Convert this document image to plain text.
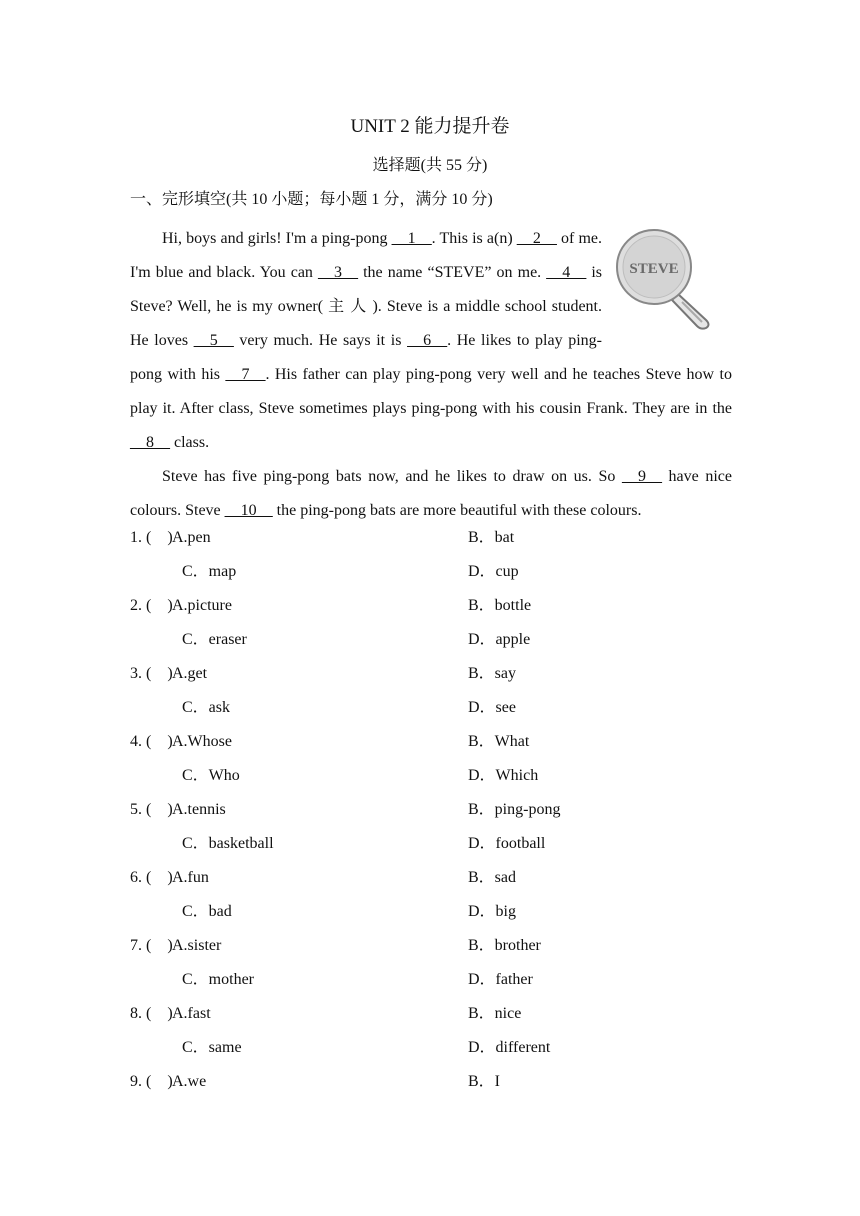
UNIT 2 能力提升卷
选择题(共 55 分)
一、完形填空(共 10 小题；每小题 1 分，满分 10 分)

STEVE
Hi, boys and girls! I'm a ping-pong __1__. This is a(n) __2__ of me. I'm blue and black. You can __3__ the name “STEVE” on me. __4__ is Steve? Well, he is my owner( 主 人 ). Steve is a middle school student. He loves __5__ very much. He says it is __6__. He likes to play ping-pong with his __7__. His father can play ping-pong very well and he teaches Steve how to play it. After class, Steve sometimes plays ping-pong with his cousin Frank. They are in the __8__ class.

Steve has five ping-pong bats now, and he likes to draw on us. So __9__ have nice colours. Steve __10__ the ping-pong bats are more beautiful with these colours.

1. (    ) A.pen	B．bat
C．map	D．cup
2. (    ) A.picture	B．bottle
C．eraser	D．apple
3. (    ) A.get	B．say
C．ask	D．see
4. (    ) A.Whose	B．What
C．Who	D．Which
5. (    ) A.tennis	B．ping-pong
C．basketball	D．football
6. (    ) A.fun	B．sad
C．bad	D．big
7. (    ) A.sister	B．brother
C．mother	D．father
8. (    ) A.fast	B．nice
C．same	D．different
9. (    ) A.we	B．I
